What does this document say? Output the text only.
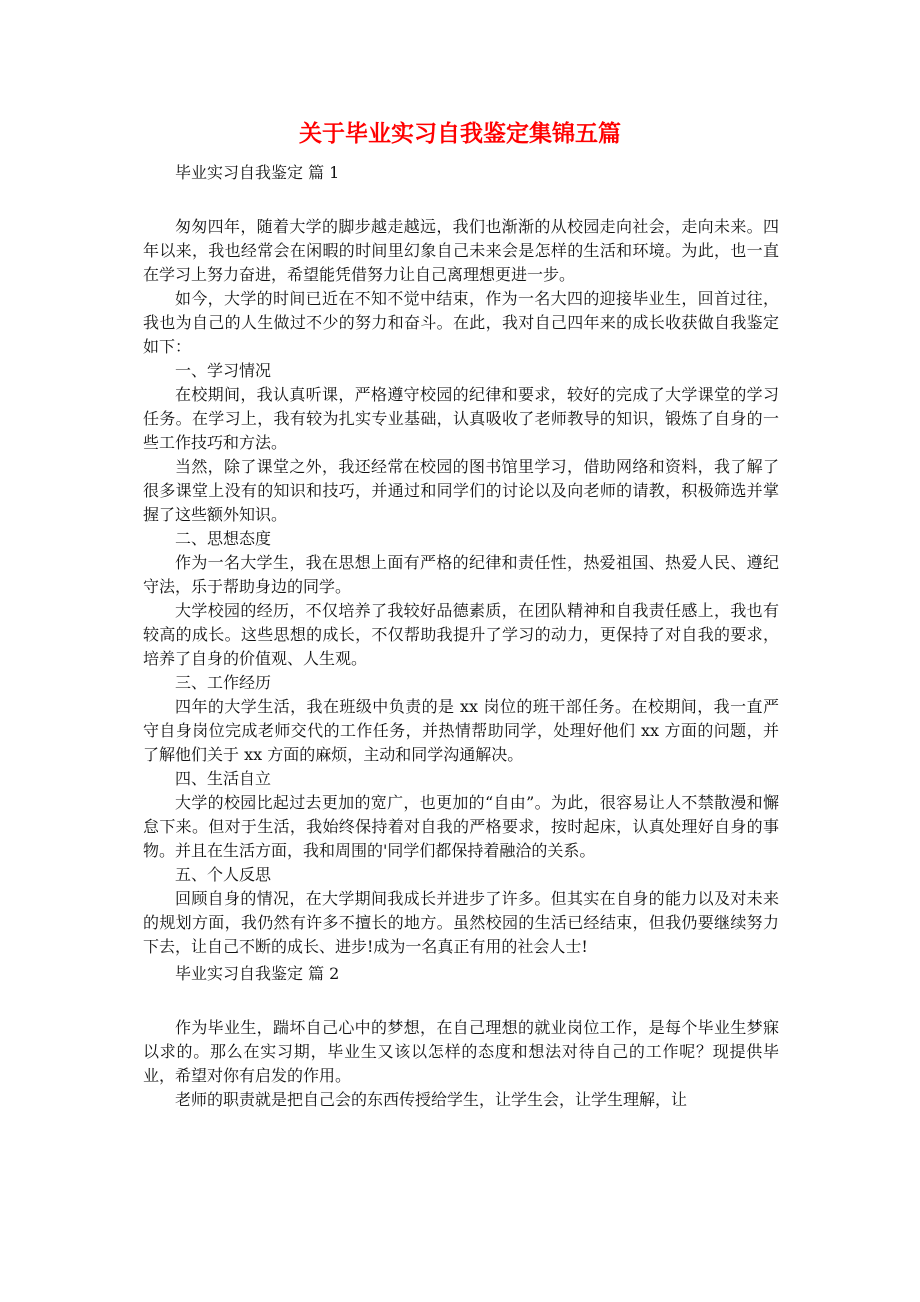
关于毕业实习自我鉴定集锦五篇

毕业实习自我鉴定 篇 1

匆匆四年，随着大学的脚步越走越远，我们也渐渐的从校园走向社会，走向未来。四年以来，我也经常会在闲暇的时间里幻象自己未来会是怎样的生活和环境。为此，也一直在学习上努力奋进，希望能凭借努力让自己离理想更进一步。

如今，大学的时间已近在不知不觉中结束，作为一名大四的迎接毕业生，回首过往，我也为自己的人生做过不少的努力和奋斗。在此，我对自己四年来的成长收获做自我鉴定如下：

一、学习情况

在校期间，我认真听课，严格遵守校园的纪律和要求，较好的完成了大学课堂的学习任务。在学习上，我有较为扎实专业基础，认真吸收了老师教导的知识，锻炼了自身的一些工作技巧和方法。

当然，除了课堂之外，我还经常在校园的图书馆里学习，借助网络和资料，我了解了很多课堂上没有的知识和技巧，并通过和同学们的讨论以及向老师的请教，积极筛选并掌握了这些额外知识。

二、思想态度

作为一名大学生，我在思想上面有严格的纪律和责任性，热爱祖国、热爱人民、遵纪守法，乐于帮助身边的同学。

大学校园的经历，不仅培养了我较好品德素质，在团队精神和自我责任感上，我也有较高的成长。这些思想的成长，不仅帮助我提升了学习的动力，更保持了对自我的要求，培养了自身的价值观、人生观。

三、工作经历

四年的大学生活，我在班级中负责的是 xx 岗位的班干部任务。在校期间，我一直严守自身岗位完成老师交代的工作任务，并热情帮助同学，处理好他们 xx 方面的问题，并了解他们关于 xx 方面的麻烦，主动和同学沟通解决。

四、生活自立

大学的校园比起过去更加的宽广，也更加的“自由”。为此，很容易让人不禁散漫和懈怠下来。但对于生活，我始终保持着对自我的严格要求，按时起床，认真处理好自身的事物。并且在生活方面，我和周围的'同学们都保持着融洽的关系。

五、个人反思

回顾自身的情况，在大学期间我成长并进步了许多。但其实在自身的能力以及对未来的规划方面，我仍然有许多不擅长的地方。虽然校园的生活已经结束，但我仍要继续努力下去，让自己不断的成长、进步!成为一名真正有用的社会人士!

毕业实习自我鉴定 篇 2

作为毕业生，踹坏自己心中的梦想，在自己理想的就业岗位工作，是每个毕业生梦寐以求的。那么在实习期，毕业生又该以怎样的态度和想法对待自己的工作呢？现提供毕业，希望对你有启发的作用。

老师的职责就是把自己会的东西传授给学生，让学生会，让学生理解，让
